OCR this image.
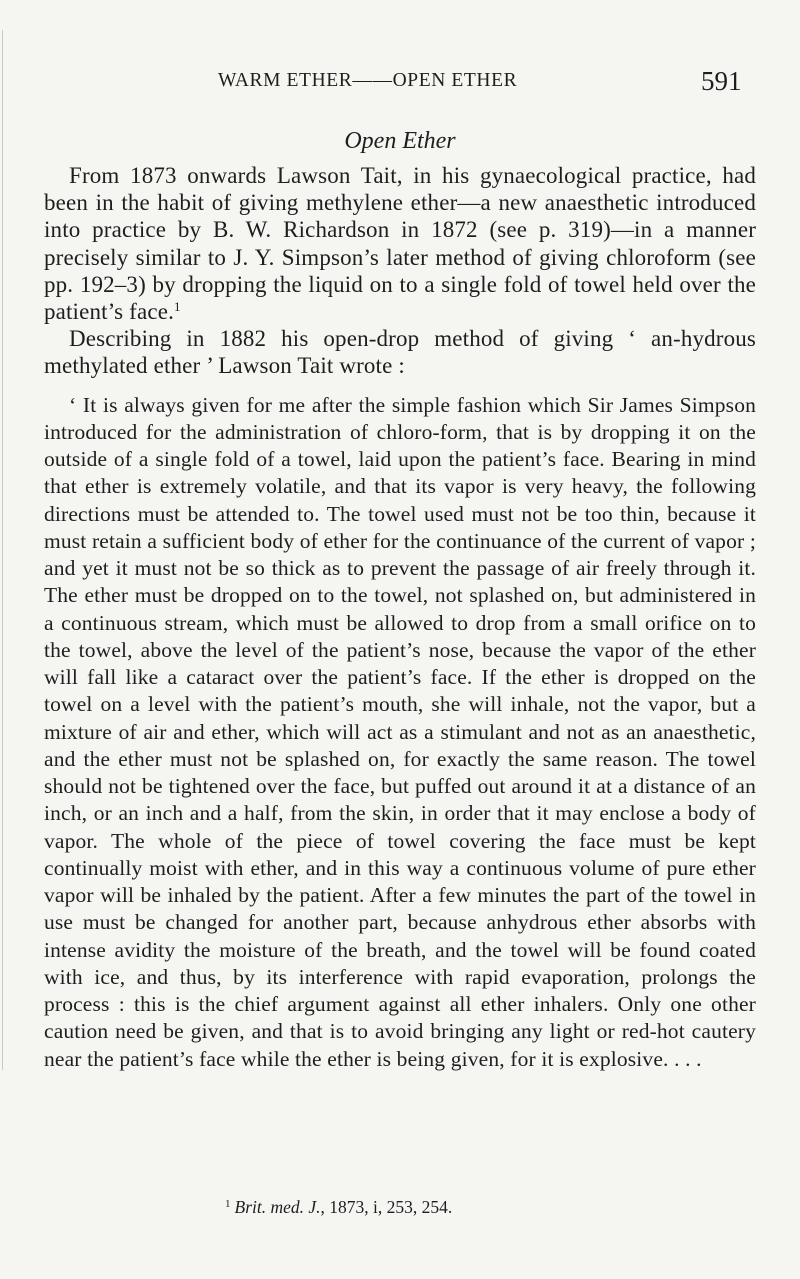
WARM ETHER——OPEN ETHER	591
Open Ether

From 1873 onwards Lawson Tait, in his gynaecological practice, had been in the habit of giving methylene ether—a new anaesthetic introduced into practice by B. W. Richardson in 1872 (see p. 319)—in a manner precisely similar to J. Y. Simpson’s later method of giving chloroform (see pp. 192–3) by dropping the liquid on to a single fold of towel held over the patient’s face.$^1$

Describing in 1882 his open-drop method of giving ‘ an-hydrous methylated ether ’ Lawson Tait wrote :

‘ It is always given for me after the simple fashion which Sir James Simpson introduced for the administration of chloro-form, that is by dropping it on the outside of a single fold of a towel, laid upon the patient’s face. Bearing in mind that ether is extremely volatile, and that its vapor is very heavy, the following directions must be attended to. The towel used must not be too thin, because it must retain a sufficient body of ether for the continuance of the current of vapor ; and yet it must not be so thick as to prevent the passage of air freely through it. The ether must be dropped on to the towel, not splashed on, but administered in a continuous stream, which must be allowed to drop from a small orifice on to the towel, above the level of the patient’s nose, because the vapor of the ether will fall like a cataract over the patient’s face. If the ether is dropped on the towel on a level with the patient’s mouth, she will inhale, not the vapor, but a mixture of air and ether, which will act as a stimulant and not as an anaesthetic, and the ether must not be splashed on, for exactly the same reason. The towel should not be tightened over the face, but puffed out around it at a distance of an inch, or an inch and a half, from the skin, in order that it may enclose a body of vapor. The whole of the piece of towel covering the face must be kept continually moist with ether, and in this way a continuous volume of pure ether vapor will be inhaled by the patient. After a few minutes the part of the towel in use must be changed for another part, because anhydrous ether absorbs with intense avidity the moisture of the breath, and the towel will be found coated with ice, and thus, by its interference with rapid evaporation, prolongs the process : this is the chief argument against all ether inhalers. Only one other caution need be given, and that is to avoid bringing any light or red-hot cautery near the patient’s face while the ether is being given, for it is explosive. . . .

$^1$ Brit. med. J., 1873, i, 253, 254.
